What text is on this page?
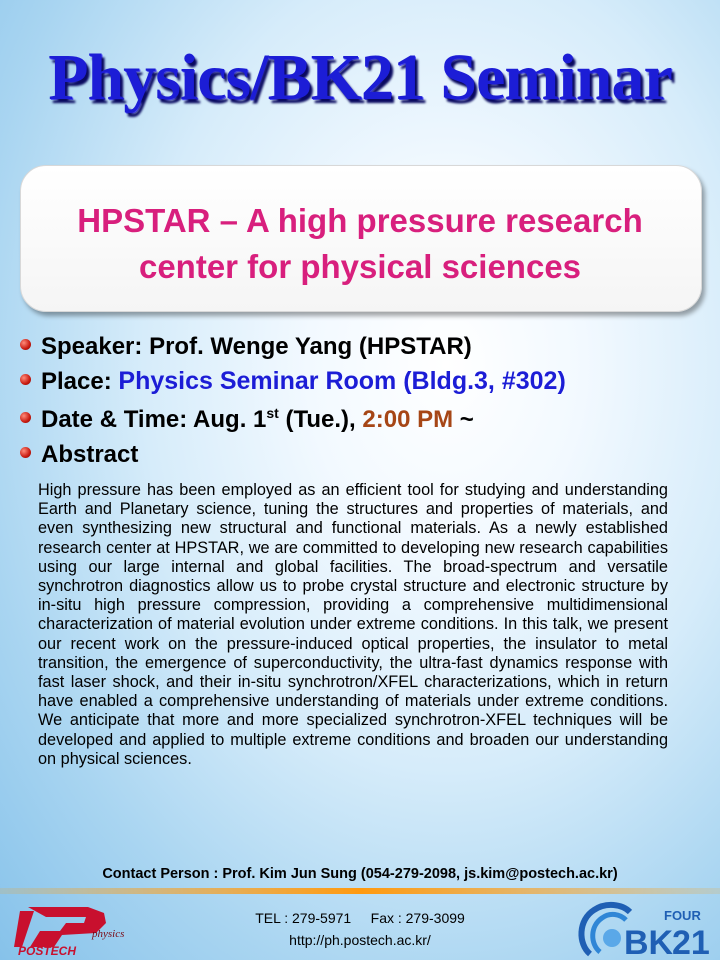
Physics/BK21 Seminar
HPSTAR – A high pressure research
center for physical sciences
Speaker: Prof. Wenge Yang (HPSTAR)
Place: Physics Seminar Room (Bldg.3, #302)
Date & Time: Aug. 1st (Tue.), 2:00 PM ~
Abstract
High pressure has been employed as an efficient tool for studying and understanding Earth and Planetary science, tuning the structures and properties of materials, and even synthesizing new structural and functional materials. As a newly established research center at HPSTAR, we are committed to developing new research capabilities using our large internal and global facilities. The broad-spectrum and versatile synchrotron diagnostics allow us to probe crystal structure and electronic structure by in-situ high pressure compression, providing a comprehensive multidimensional characterization of material evolution under extreme conditions. In this talk, we present our recent work on the pressure-induced optical properties, the insulator to metal transition, the emergence of superconductivity, the ultra-fast dynamics response with fast laser shock, and their in-situ synchrotron/XFEL characterizations, which in return have enabled a comprehensive understanding of materials under extreme conditions. We anticipate that more and more specialized synchrotron-XFEL techniques will be developed and applied to multiple extreme conditions and broaden our understanding on physical sciences.
Contact Person : Prof. Kim Jun Sung (054-279-2098, js.kim@postech.ac.kr)
TEL : 279-5971 Fax : 279-3099
http://ph.postech.ac.kr/
physics
POSTECH
FOUR
BK
21
